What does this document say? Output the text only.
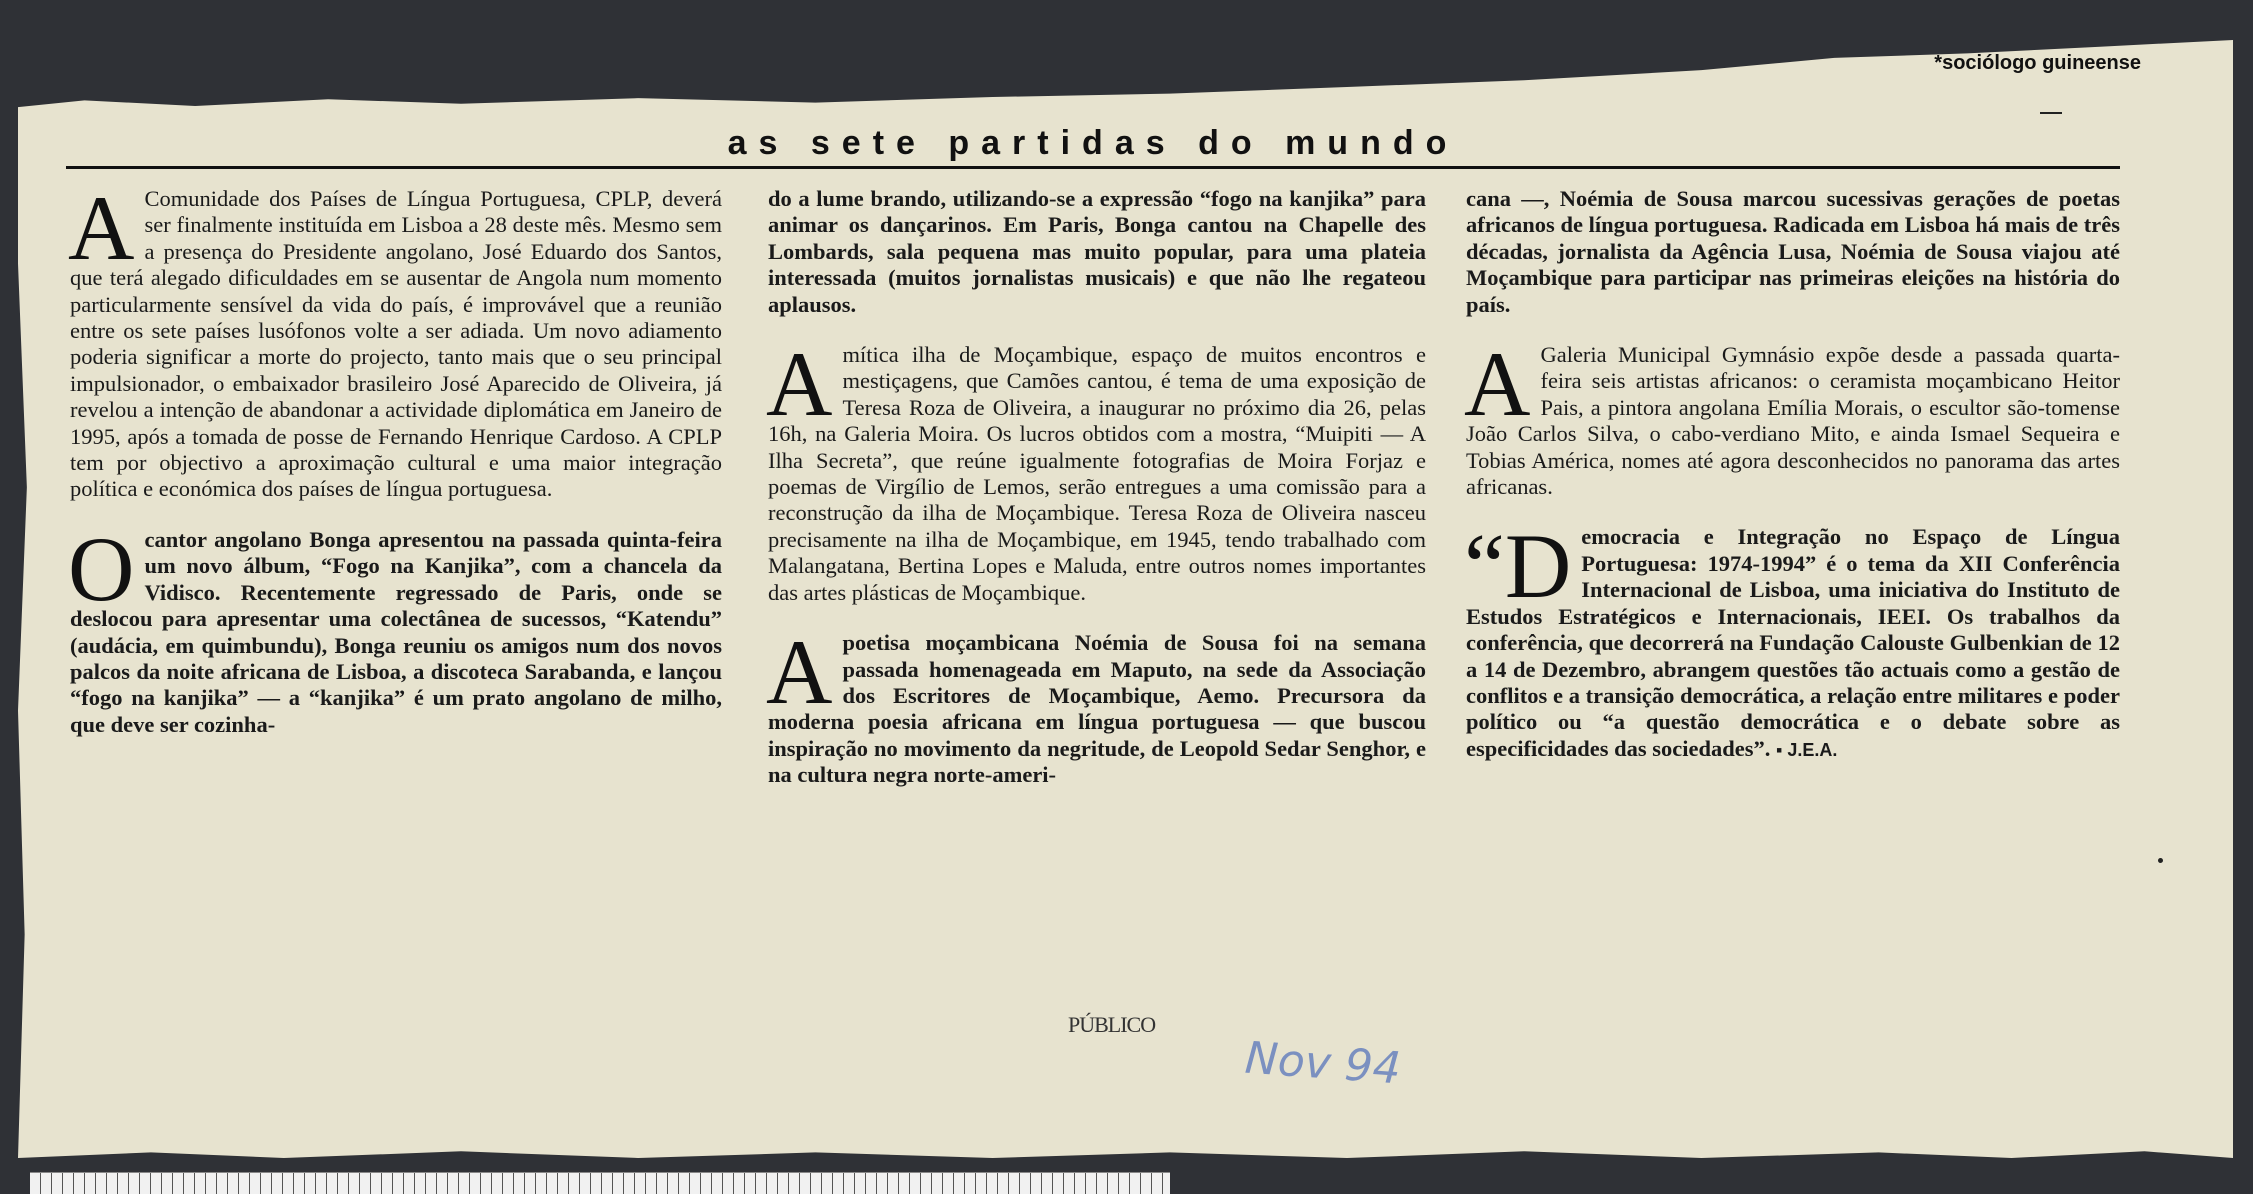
*sociólogo guineense
as sete partidas do mundo
A Comunidade dos Países de Língua Portuguesa, CPLP, deverá ser finalmente instituída em Lisboa a 28 deste mês. Mesmo sem a presença do Presidente angolano, José Eduardo dos Santos, que terá alegado dificuldades em se ausentar de Angola num momento particularmente sensível da vida do país, é improvável que a reunião entre os sete países lusófonos volte a ser adiada. Um novo adiamento poderia significar a morte do projecto, tanto mais que o seu principal impulsionador, o embaixador brasileiro José Aparecido de Oliveira, já revelou a intenção de abandonar a actividade diplomática em Janeiro de 1995, após a tomada de posse de Fernando Henrique Cardoso. A CPLP tem por objectivo a aproximação cultural e uma maior integração política e económica dos países de língua portuguesa.
O cantor angolano Bonga apresentou na passada quinta-feira um novo álbum, “Fogo na Kanjika”, com a chancela da Vidisco. Recentemente regressado de Paris, onde se deslocou para apresentar uma colectânea de sucessos, “Katendu” (audácia, em quimbundu), Bonga reuniu os amigos num dos novos palcos da noite africana de Lisboa, a discoteca Sarabanda, e lançou “fogo na kanjika” — a “kanjika” é um prato angolano de milho, que deve ser cozinha-
do a lume brando, utilizando-se a expressão “fogo na kanjika” para animar os dançarinos. Em Paris, Bonga cantou na Chapelle des Lombards, sala pequena mas muito popular, para uma plateia interessada (muitos jornalistas musicais) e que não lhe regateou aplausos.
A mítica ilha de Moçambique, espaço de muitos encontros e mestiçagens, que Camões cantou, é tema de uma exposição de Teresa Roza de Oliveira, a inaugurar no próximo dia 26, pelas 16h, na Galeria Moira. Os lucros obtidos com a mostra, “Muipiti — A Ilha Secreta”, que reúne igualmente fotografias de Moira Forjaz e poemas de Virgílio de Lemos, serão entregues a uma comissão para a reconstrução da ilha de Moçambique. Teresa Roza de Oliveira nasceu precisamente na ilha de Moçambique, em 1945, tendo trabalhado com Malangatana, Bertina Lopes e Maluda, entre outros nomes importantes das artes plásticas de Moçambique.
A poetisa moçambicana Noémia de Sousa foi na semana passada homenageada em Maputo, na sede da Associação dos Escritores de Moçambique, Aemo. Precursora da moderna poesia africana em língua portuguesa — que buscou inspiração no movimento da negritude, de Leopold Sedar Senghor, e na cultura negra norte-ameri-
cana —, Noémia de Sousa marcou sucessivas gerações de poetas africanos de língua portuguesa. Radicada em Lisboa há mais de três décadas, jornalista da Agência Lusa, Noémia de Sousa viajou até Moçambique para participar nas primeiras eleições na história do país.
A Galeria Municipal Gymnásio expõe desde a passada quarta-feira seis artistas africanos: o ceramista moçambicano Heitor Pais, a pintora angolana Emília Morais, o escultor são-tomense João Carlos Silva, o cabo-verdiano Mito, e ainda Ismael Sequeira e Tobias América, nomes até agora desconhecidos no panorama das artes africanas.
“D emocracia e Integração no Espaço de Língua Portuguesa: 1974-1994” é o tema da XII Conferência Internacional de Lisboa, uma iniciativa do Instituto de Estudos Estratégicos e Internacionais, IEEI. Os trabalhos da conferência, que decorrerá na Fundação Calouste Gulbenkian de 12 a 14 de Dezembro, abrangem questões tão actuais como a gestão de conflitos e a transição democrática, a relação entre militares e poder político ou “a questão democrática e o debate sobre as especificidades das sociedades”. ▪ J.E.A.
PÚBLICO
Nov 94
